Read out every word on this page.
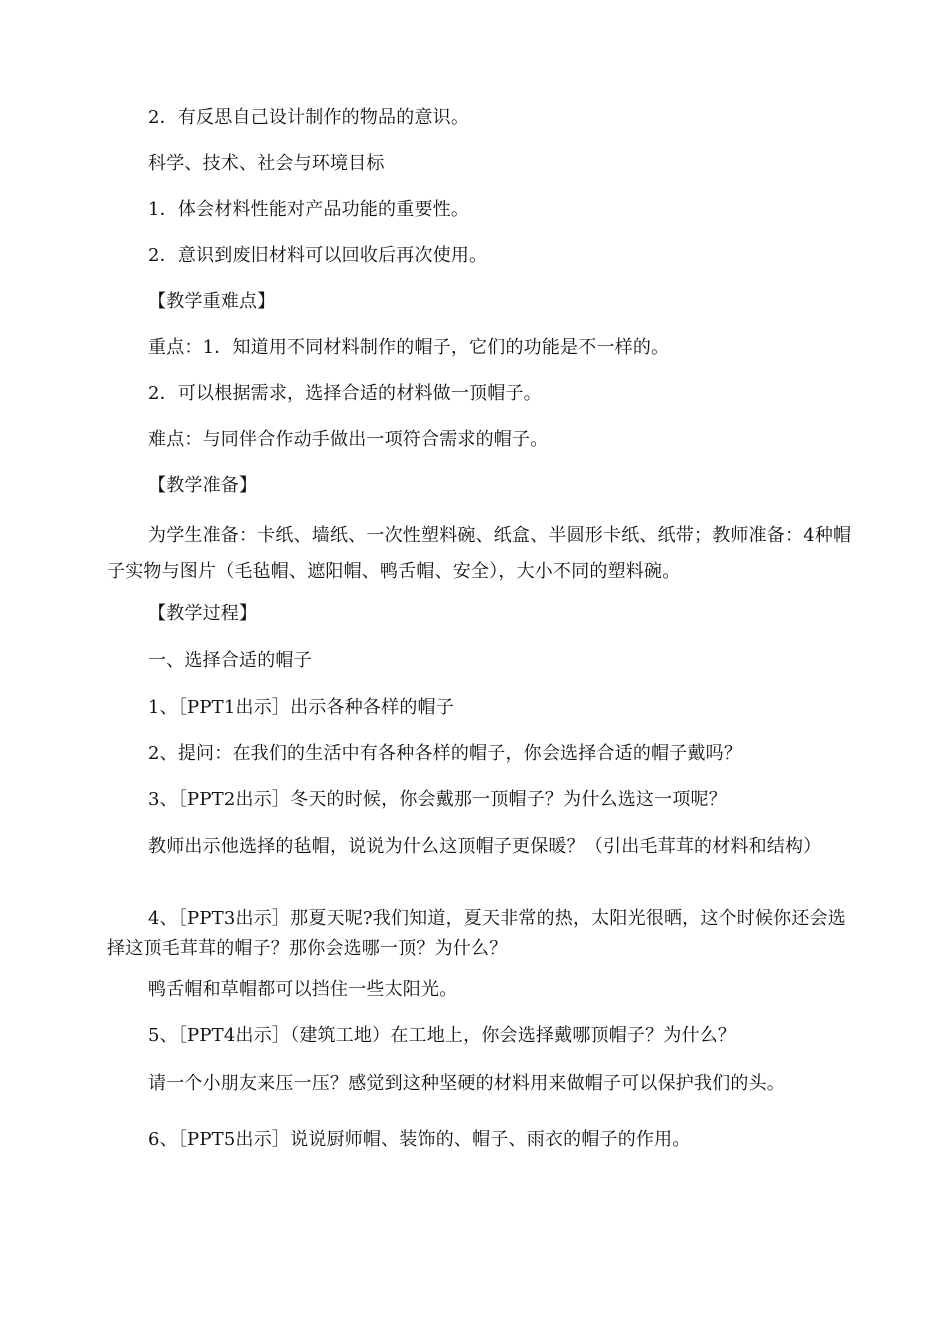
2．有反思自己设计制作的物品的意识。

科学、技术、社会与环境目标

1．体会材料性能对产品功能的重要性。

2．意识到废旧材料可以回收后再次使用。

【教学重难点】

重点：1．知道用不同材料制作的帽子，它们的功能是不一样的。

2．可以根据需求，选择合适的材料做一顶帽子。

难点：与同伴合作动手做出一项符合需求的帽子。

【教学准备】

为学生准备：卡纸、墙纸、一次性塑料碗、纸盒、半圆形卡纸、纸带；教师准备：4种帽子实物与图片（毛毡帽、遮阳帽、鸭舌帽、安全），大小不同的塑料碗。

【教学过程】

一、选择合适的帽子

1、［PPT1出示］出示各种各样的帽子

2、提问：在我们的生活中有各种各样的帽子，你会选择合适的帽子戴吗？

3、［PPT2出示］冬天的时候，你会戴那一顶帽子？为什么选这一项呢？

教师出示他选择的毡帽，说说为什么这顶帽子更保暖？（引出毛茸茸的材料和结构）

4、［PPT3出示］那夏天呢?我们知道，夏天非常的热，太阳光很晒，这个时候你还会选择这顶毛茸茸的帽子？那你会选哪一顶？为什么？

鸭舌帽和草帽都可以挡住一些太阳光。

5、［PPT4出示］（建筑工地）在工地上，你会选择戴哪顶帽子？为什么？

请一个小朋友来压一压？感觉到这种坚硬的材料用来做帽子可以保护我们的头。

6、［PPT5出示］说说厨师帽、装饰的、帽子、雨衣的帽子的作用。
